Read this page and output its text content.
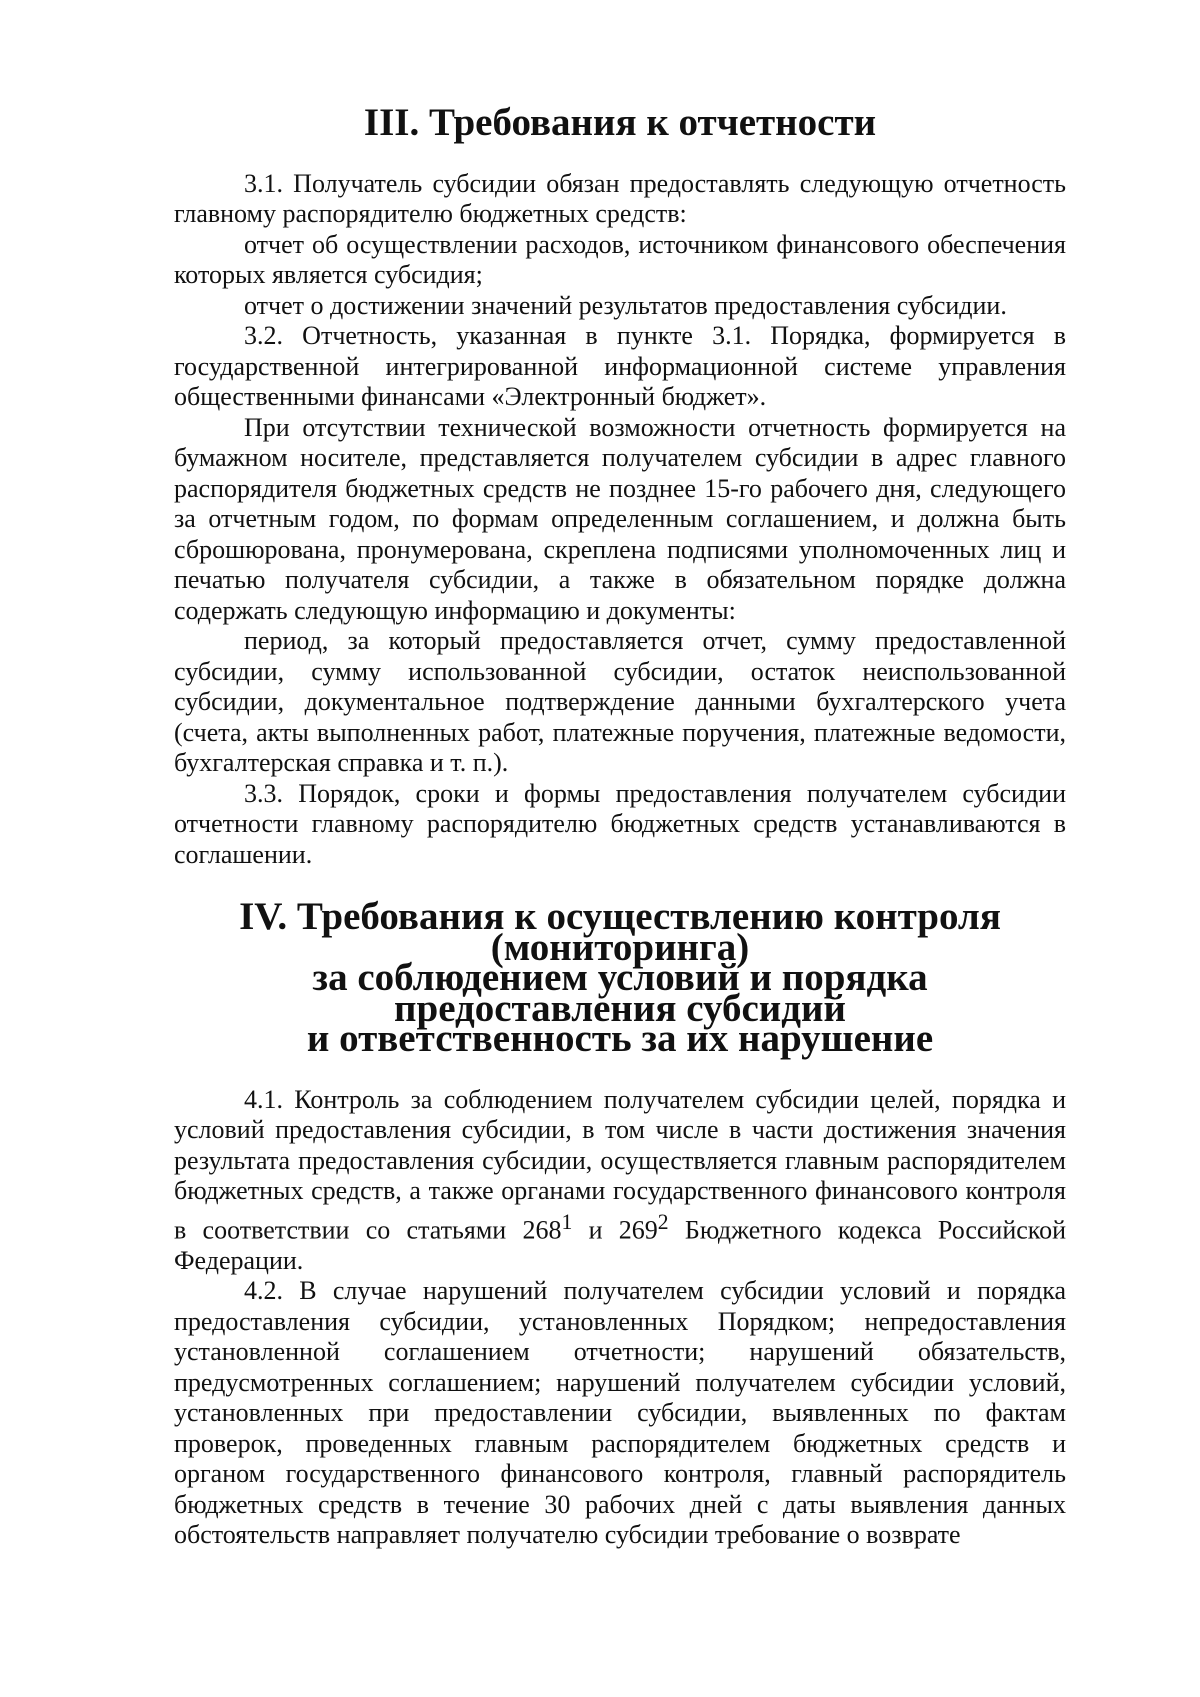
III. Требования к отчетности

3.1. Получатель субсидии обязан предоставлять следующую отчетность главному распорядителю бюджетных средств:

отчет об осуществлении расходов, источником финансового обеспечения которых является субсидия;

отчет о достижении значений результатов предоставления субсидии.

3.2. Отчетность, указанная в пункте 3.1. Порядка, формируется в государственной интегрированной информационной системе управления общественными финансами «Электронный бюджет».

При отсутствии технической возможности отчетность формируется на бумажном носителе, представляется получателем субсидии в адрес главного распорядителя бюджетных средств не позднее 15-го рабочего дня, следующего за отчетным годом, по формам определенным соглашением, и должна быть сброшюрована, пронумерована, скреплена подписями уполномоченных лиц и печатью получателя субсидии, а также в обязательном порядке должна содержать следующую информацию и документы:

период, за который предоставляется отчет, сумму предоставленной субсидии, сумму использованной субсидии, остаток неиспользованной субсидии, документальное подтверждение данными бухгалтерского учета (счета, акты выполненных работ, платежные поручения, платежные ведомости, бухгалтерская справка и т. п.).

3.3. Порядок, сроки и формы предоставления получателем субсидии отчетности главному распорядителю бюджетных средств устанавливаются в соглашении.

IV. Требования к осуществлению контроля (мониторинга)
за соблюдением условий и порядка предоставления субсидий
и ответственность за их нарушение

4.1. Контроль за соблюдением получателем субсидии целей, порядка и условий предоставления субсидии, в том числе в части достижения значения результата предоставления субсидии, осуществляется главным распорядителем бюджетных средств, а также органами государственного финансового контроля в соответствии со статьями $268^1$ и $269^2$ Бюджетного кодекса Российской Федерации.

4.2. В случае нарушений получателем субсидии условий и порядка предоставления субсидии, установленных Порядком; непредоставления установленной соглашением отчетности; нарушений обязательств, предусмотренных соглашением; нарушений получателем субсидии условий, установленных при предоставлении субсидии, выявленных по фактам проверок, проведенных главным распорядителем бюджетных средств и органом государственного финансового контроля, главный распорядитель бюджетных средств в течение 30 рабочих дней с даты выявления данных обстоятельств направляет получателю субсидии требование о возврате
